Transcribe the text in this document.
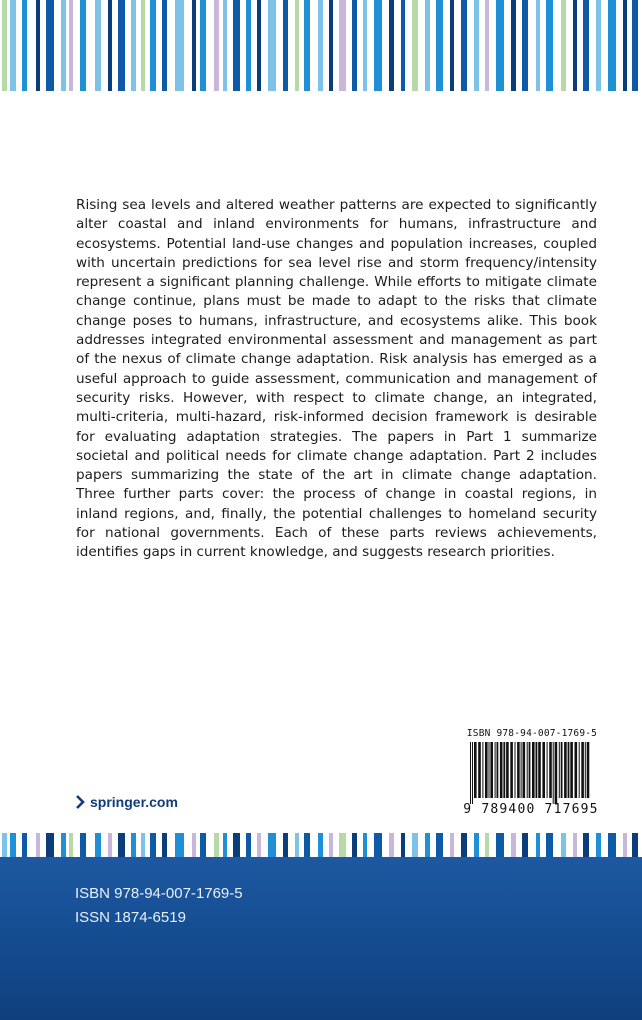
Rising sea levels and altered weather patterns are expected to significantly alter coastal and inland environments for humans, infrastructure and ecosystems. Potential land-use changes and population increases, coupled with uncertain predictions for sea level rise and storm frequency/intensity represent a significant planning challenge. While efforts to mitigate climate change continue, plans must be made to adapt to the risks that climate change poses to humans, infrastructure, and ecosystems alike. This book addresses integrated environmental assessment and management as part of the nexus of climate change adaptation. Risk analysis has emerged as a useful approach to guide assessment, communication and management of security risks. However, with respect to climate change, an integrated, multi-criteria, multi-hazard, risk-informed decision framework is desirable for evaluating adaptation strategies. The papers in Part 1 summarize societal and political needs for climate change adaptation. Part 2 includes papers summarizing the state of the art in climate change adaptation. Three further parts cover: the process of change in coastal regions, in inland regions, and, finally, the potential challenges to homeland security for national governments. Each of these parts reviews achievements, identifies gaps in current knowledge, and suggests research priorities.

ISBN 978-94-007-1769-5
9 789400 717695
springer.com
ISBN 978-94-007-1769-5
ISSN 1874-6519
